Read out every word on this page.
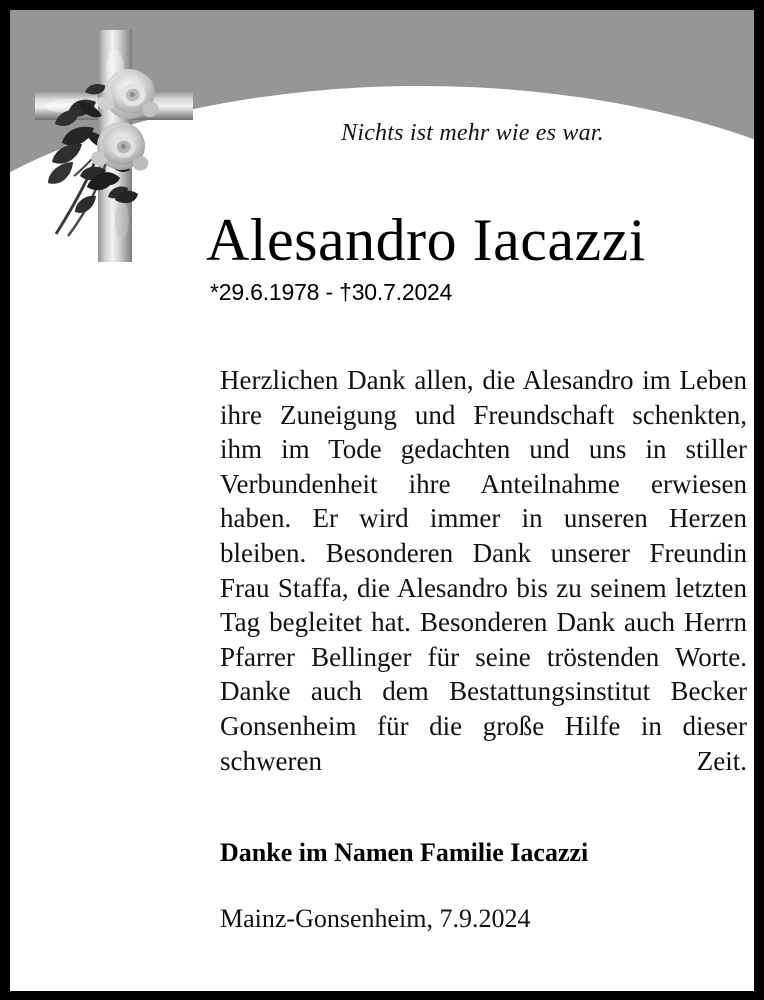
Nichts ist mehr wie es war.
Alesandro Iacazzi
*29.6.1978 - †30.7.2024
Herzlichen Dank allen, die Alesandro im Leben ihre Zuneigung und Freundschaft schenkten, ihm im Tode gedachten und uns in stiller Verbundenheit ihre Anteilnahme erwiesen haben. Er wird immer in unseren Herzen bleiben. Besonderen Dank unserer Freundin Frau Staffa, die Alesandro bis zu seinem letzten Tag begleitet hat. Besonderen Dank auch Herrn Pfarrer Bellinger für seine tröstenden Worte. Danke auch dem Bestattungsinstitut Becker Gonsenheim für die große Hilfe in dieser schweren Zeit.
Danke im Namen Familie Iacazzi
Mainz-Gonsenheim, 7.9.2024
